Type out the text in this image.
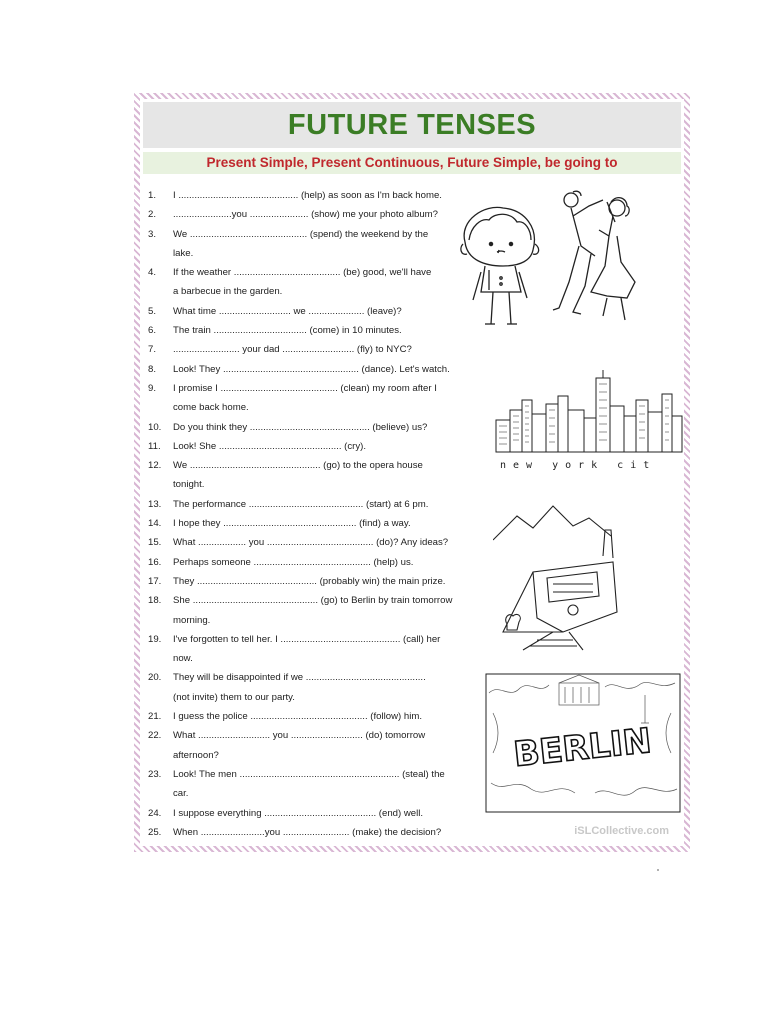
FUTURE TENSES
Present Simple, Present Continuous, Future Simple, be going to
1. I ............................................. (help) as soon as I'm back home.
2. ......................you ...................... (show) me your photo album?
3. We ............................................ (spend) the weekend by the
lake.
4. If the weather ........................................ (be) good, we'll have
a barbecue in the garden.
5. What time ........................... we ..................... (leave)?
6. The train ................................... (come) in 10 minutes.
7. ......................... your dad ........................... (fly) to NYC?
8. Look! They ................................................... (dance). Let's watch.
9. I promise I ............................................ (clean) my room after I
come back home.
10. Do you think they ............................................. (believe) us?
11. Look! She .............................................. (cry).
12. We ................................................. (go) to the opera house
tonight.
13. The performance ........................................... (start) at 6 pm.
14. I hope they .................................................. (find) a way.
15. What .................. you ........................................ (do)? Any ideas?
16. Perhaps someone ............................................ (help) us.
17. They ............................................. (probably win) the main prize.
18. She ............................................... (go) to Berlin by train tomorrow
morning.
19. I've forgotten to tell her. I ............................................. (call) her
now.
20. They will be disappointed if we .............................................
(not invite) them to our party.
21. I guess the police ............................................ (follow) him.
22. What ........................... you ........................... (do) tomorrow
afternoon?
23. Look! The men ............................................................ (steal) the
car.
24. I suppose everything .......................................... (end) well.
25. When ........................you ......................... (make) the decision?
new york cit
BERLIN
iSLCollective.com
